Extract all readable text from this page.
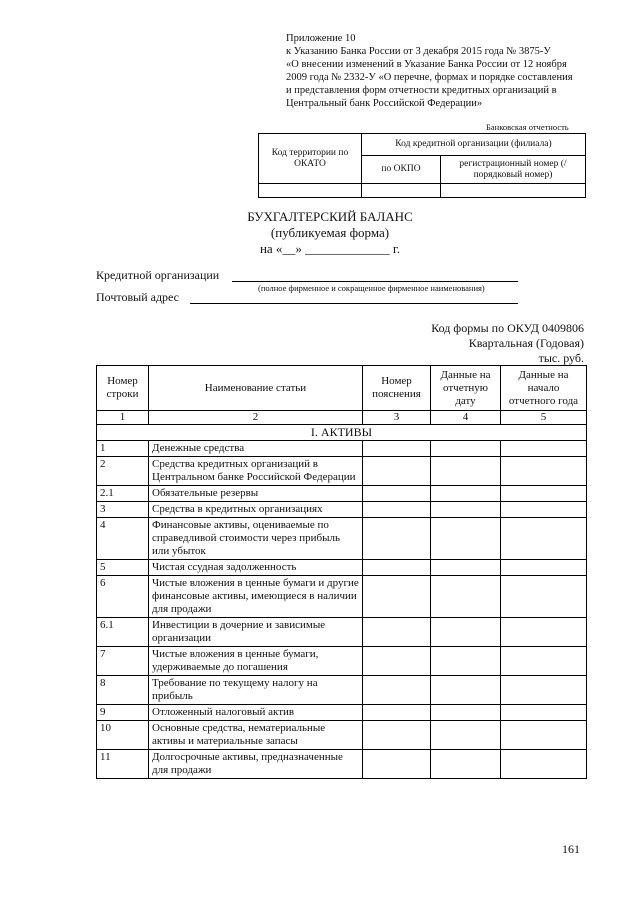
Приложение 10
к Указанию Банка России от 3 декабря 2015 года № 3875-У
«О внесении изменений в Указание Банка России от 12 ноября
2009 года № 2332-У «О перечне, формах и порядке составления
и представления форм отчетности кредитных организаций в
Центральный банк Российской Федерации»
Банковская отчетность
Код территории по ОКАТО	Код кредитной организации (филиала)	
	по ОКПО	регистрационный номер (/порядковый номер)

БУХГАЛТЕРСКИЙ БАЛАНС
(публикуемая форма)
на «__» _____________ г.
Кредитной организации
(полное фирменное и сокращенное фирменное наименования)
Почтовый адрес
Код формы по ОКУД 0409806
Квартальная (Годовая)
тыс. руб.
Номер строки	Наименование статьи	Номер пояснения	Данные на отчетную дату	Данные на начало отчетного года
1	2	3	4	5
I. АКТИВЫ				
1	Денежные средства			
2	Средства кредитных организаций в Центральном банке Российской Федерации			
2.1	Обязательные резервы			
3	Средства в кредитных организациях			
4	Финансовые активы, оцениваемые по справедливой стоимости через прибыль или убыток			
5	Чистая ссудная задолженность			
6	Чистые вложения в ценные бумаги и другие финансовые активы, имеющиеся в наличии для продажи			
6.1	Инвестиции в дочерние и зависимые организации			
7	Чистые вложения в ценные бумаги, удерживаемые до погашения			
8	Требование по текущему налогу на прибыль			
9	Отложенный налоговый актив			
10	Основные средства, нематериальные активы и материальные запасы			
11	Долгосрочные активы, предназначенные для продажи			
161
